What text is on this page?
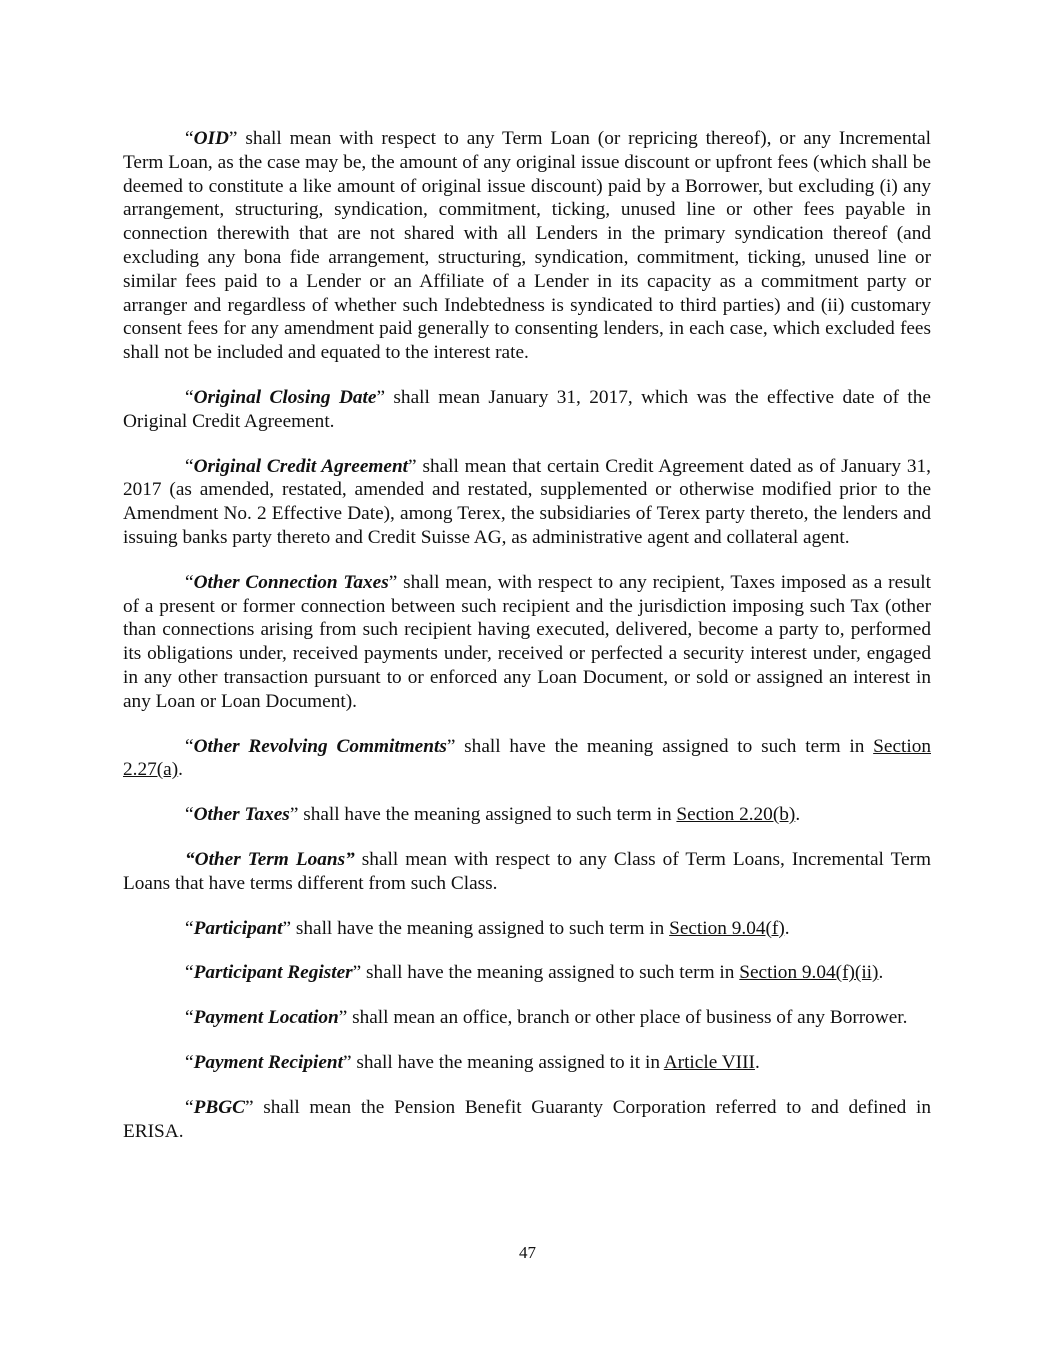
“OID” shall mean with respect to any Term Loan (or repricing thereof), or any Incremental Term Loan, as the case may be, the amount of any original issue discount or upfront fees (which shall be deemed to constitute a like amount of original issue discount) paid by a Borrower, but excluding (i) any arrangement, structuring, syndication, commitment, ticking, unused line or other fees payable in connection therewith that are not shared with all Lenders in the primary syndication thereof (and excluding any bona fide arrangement, structuring, syndication, commitment, ticking, unused line or similar fees paid to a Lender or an Affiliate of a Lender in its capacity as a commitment party or arranger and regardless of whether such Indebtedness is syndicated to third parties) and (ii) customary consent fees for any amendment paid generally to consenting lenders, in each case, which excluded fees shall not be included and equated to the interest rate.

“Original Closing Date” shall mean January 31, 2017, which was the effective date of the Original Credit Agreement.

“Original Credit Agreement” shall mean that certain Credit Agreement dated as of January 31, 2017 (as amended, restated, amended and restated, supplemented or otherwise modified prior to the Amendment No. 2 Effective Date), among Terex, the subsidiaries of Terex party thereto, the lenders and issuing banks party thereto and Credit Suisse AG, as administrative agent and collateral agent.

“Other Connection Taxes” shall mean, with respect to any recipient, Taxes imposed as a result of a present or former connection between such recipient and the jurisdiction imposing such Tax (other than connections arising from such recipient having executed, delivered, become a party to, performed its obligations under, received payments under, received or perfected a security interest under, engaged in any other transaction pursuant to or enforced any Loan Document, or sold or assigned an interest in any Loan or Loan Document).

“Other Revolving Commitments” shall have the meaning assigned to such term in Section 2.27(a).

“Other Taxes” shall have the meaning assigned to such term in Section 2.20(b).

“Other Term Loans” shall mean with respect to any Class of Term Loans, Incremental Term Loans that have terms different from such Class.

“Participant” shall have the meaning assigned to such term in Section 9.04(f).

“Participant Register” shall have the meaning assigned to such term in Section 9.04(f)(ii).

“Payment Location” shall mean an office, branch or other place of business of any Borrower.

“Payment Recipient” shall have the meaning assigned to it in Article VIII.

“PBGC” shall mean the Pension Benefit Guaranty Corporation referred to and defined in ERISA.

47
